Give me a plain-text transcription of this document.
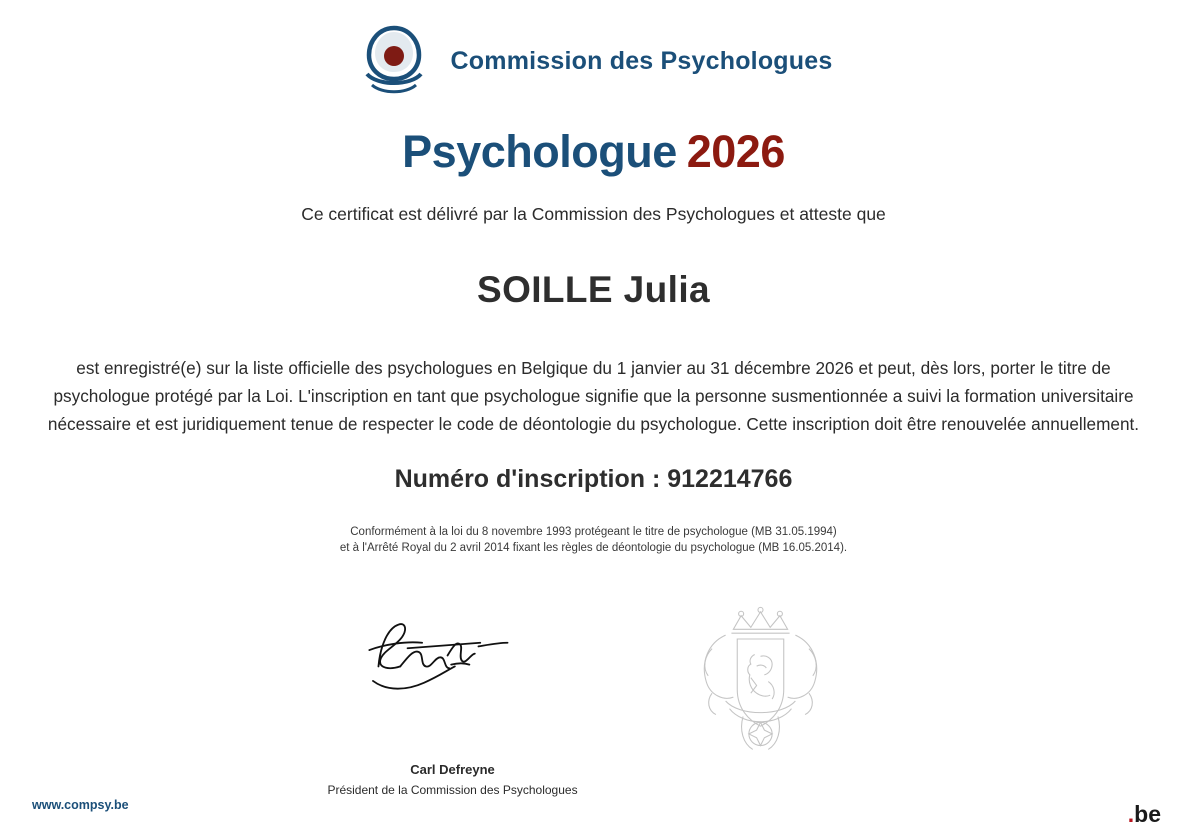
Commission des Psychologues
Psychologue 2026
Ce certificat est délivré par la Commission des Psychologues et atteste que
SOILLE Julia
est enregistré(e) sur la liste officielle des psychologues en Belgique du 1 janvier au 31 décembre 2026 et peut, dès lors, porter le titre de psychologue protégé par la Loi. L'inscription en tant que psychologue signifie que la personne susmentionnée a suivi la formation universitaire nécessaire et est juridiquement tenue de respecter le code de déontologie du psychologue. Cette inscription doit être renouvelée annuellement.
Numéro d'inscription : 912214766
Conformément à la loi du 8 novembre 1993 protégeant le titre de psychologue (MB 31.05.1994)
et à l'Arrêté Royal du 2 avril 2014 fixant les règles de déontologie du psychologue (MB 16.05.2014).
Carl Defreyne
Président de la Commission des Psychologues
www.compsy.be	. be
